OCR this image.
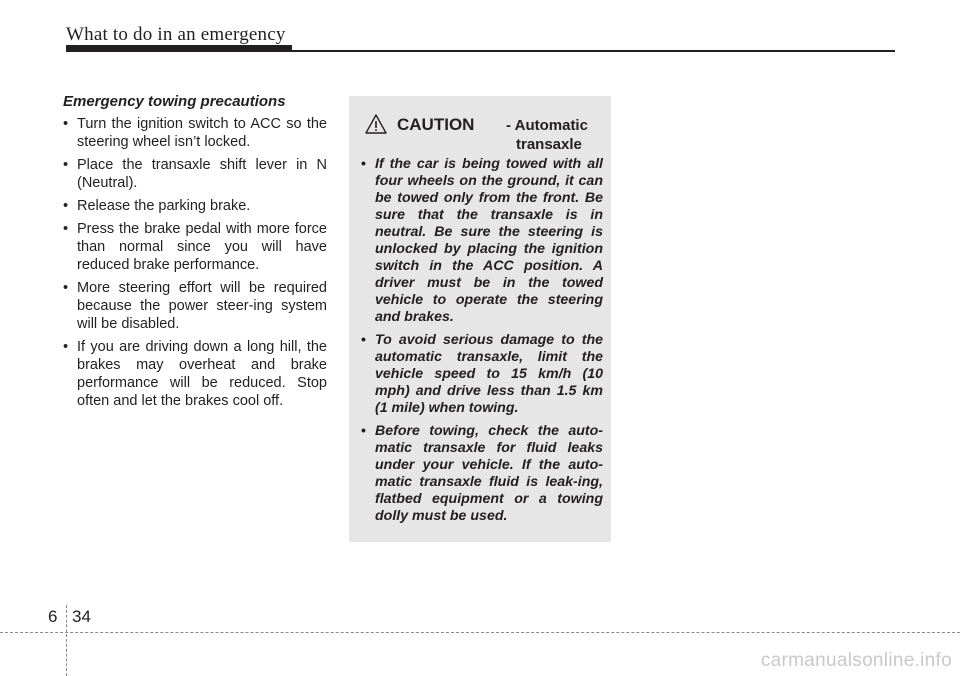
What to do in an emergency
Emergency towing precautions
• Turn the ignition switch to ACC so the steering wheel isn’t locked.
• Place the transaxle shift lever in N (Neutral).
• Release the parking brake.
• Press the brake pedal with more force than normal since you will have reduced brake performance.
• More steering effort will be required because the power steer-ing system will be disabled.
• If you are driving down a long hill, the brakes may overheat and brake performance will be reduced. Stop often and let the brakes cool off.
CAUTION - Automatic
transaxle
• If the car is being towed with all four wheels on the ground, it can be towed only from the front. Be sure that the transaxle is in neutral. Be sure the steering is unlocked by placing the ignition switch in the ACC position. A driver must be in the towed vehicle to operate the steering and brakes.
• To avoid serious damage to the automatic transaxle, limit the vehicle speed to 15 km/h (10 mph) and drive less than 1.5 km (1 mile) when towing.
• Before towing, check the auto-matic transaxle for fluid leaks under your vehicle. If the auto-matic transaxle fluid is leak-ing, flatbed equipment or a towing dolly must be used.
6 34
carmanualsonline.info
